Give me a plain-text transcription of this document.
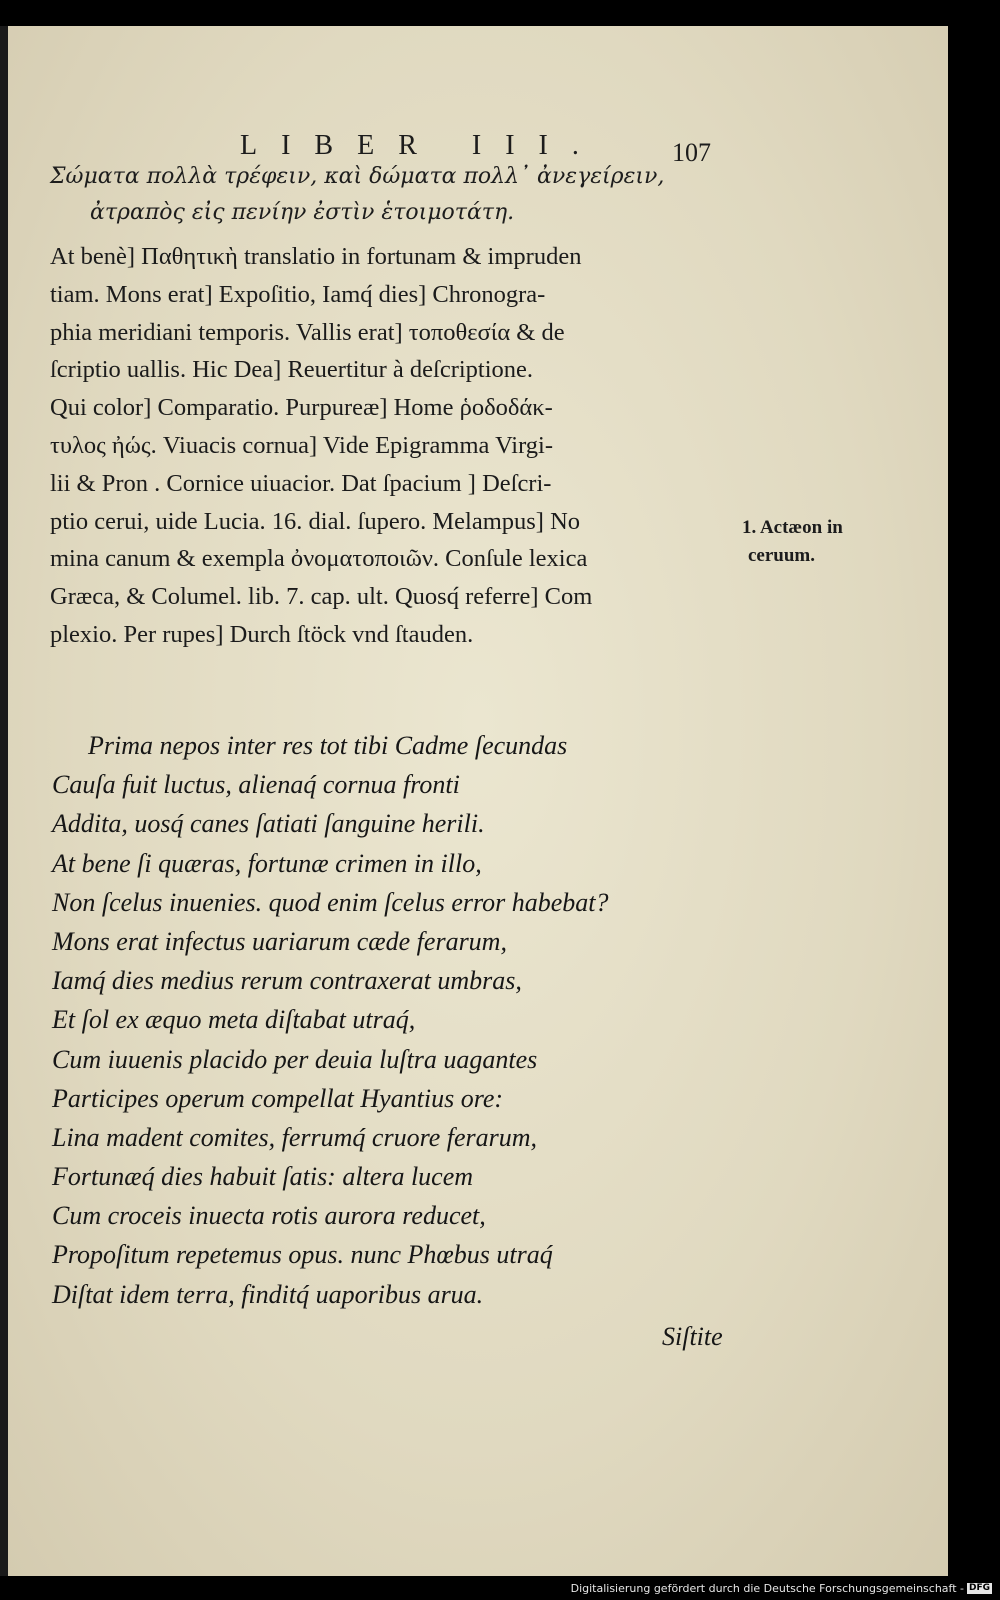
LIBER III.	107
Σώματα πολλὰ τρέφειν, καὶ δώματα πολλ᾽ ἀνεγείρειν,
ἀτραπὸς εἰς πενίην ἐστὶν ἑτοιμοτάτη.
At benè] Παθητικὴ translatio in fortunam & impruden
tiam. Mons erat] Expoſitio, Iamq́ dies] Chronogra-
phia meridiani temporis. Vallis erat] τοποθεσία & de
ſcriptio uallis. Hic Dea] Reuertitur à deſcriptione.
Qui color] Comparatio. Purpureæ] Home ῥοδοδάκ-
τυλος ἠώς. Viuacis cornua] Vide Epigramma Virgi-
lii & Pron . Cornice uiuacior. Dat ſpacium ] Deſcri-
ptio cerui, uide Lucia. 16. dial. ſupero. Melampus] No
mina canum & exempla ὀνοματοποιῶν. Conſule lexica
Græca, & Columel. lib. 7. cap. ult. Quosq́ referre] Com
plexio. Per rupes] Durch ſtöck vnd ſtauden.
1. Actæon in
ceruum.
Prima nepos inter res tot tibi Cadme ſecundas
Cauſa fuit luctus, alienaq́ cornua fronti
Addita, uosq́ canes ſatiati ſanguine herili.
At bene ſi quæras, fortunæ crimen in illo,
Non ſcelus inuenies. quod enim ſcelus error habebat?
Mons erat infectus uariarum cæde ferarum,
Iamq́ dies medius rerum contraxerat umbras,
Et ſol ex æquo meta diſtabat utraq́,
Cum iuuenis placido per deuia luſtra uagantes
Participes operum compellat Hyantius ore:
Lina madent comites, ferrumq́ cruore ferarum,
Fortunæq́ dies habuit ſatis: altera lucem
Cum croceis inuecta rotis aurora reducet,
Propoſitum repetemus opus. nunc Phœbus utraq́
Diſtat idem terra, finditq́ uaporibus arua.
Siſtite
Digitalisierung gefördert durch die Deutsche Forschungsgemeinschaft - DFG
